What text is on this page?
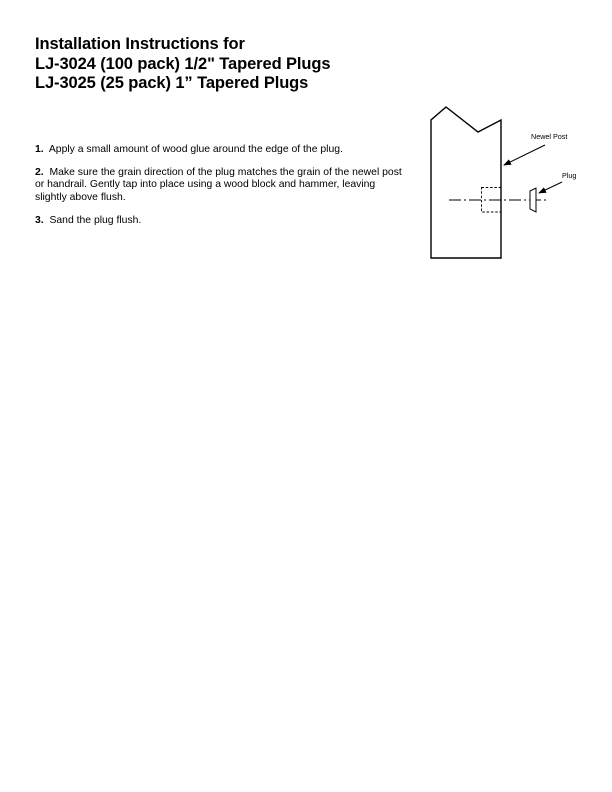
Installation Instructions for
LJ-3024 (100 pack) 1/2" Tapered Plugs
LJ-3025 (25 pack) 1” Tapered Plugs
1. Apply a small amount of wood glue around the edge of the plug.
2. Make sure the grain direction of the plug matches the grain of the newel post or handrail. Gently tap into place using a wood block and hammer, leaving slightly above flush.
3. Sand the plug flush.
Newel Post
Plug
